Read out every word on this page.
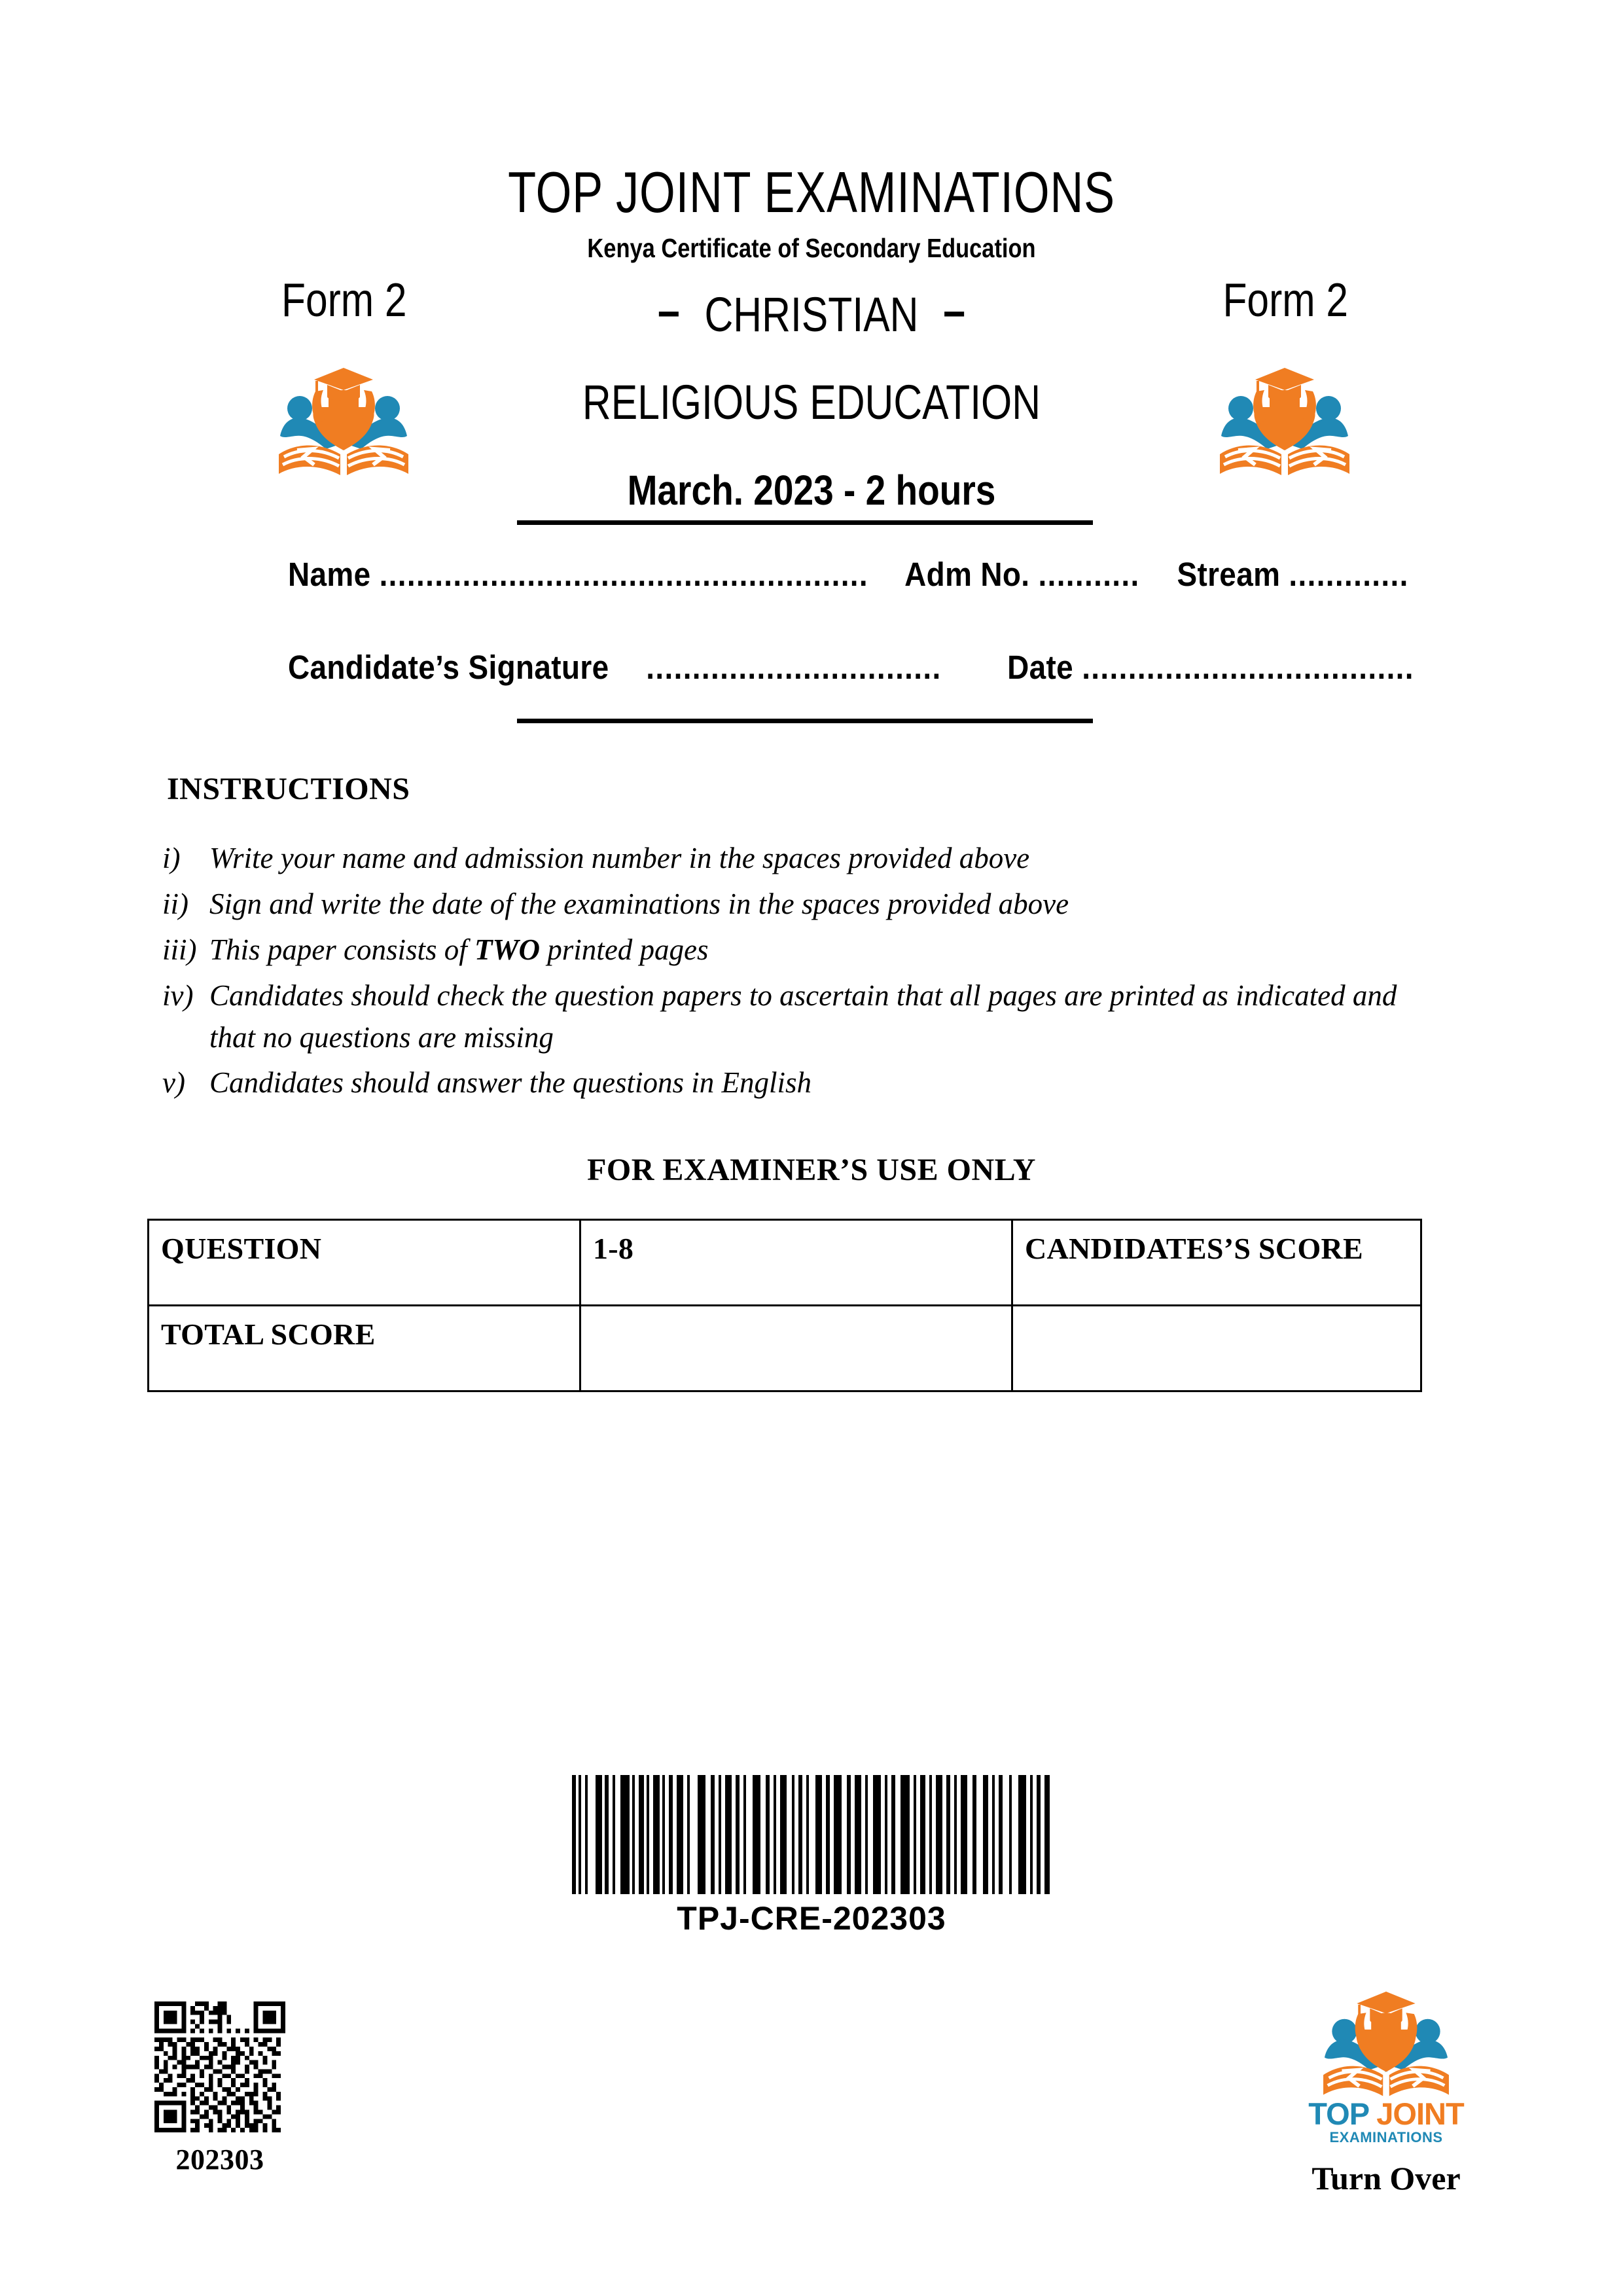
TOP JOINT EXAMINATIONS
Kenya Certificate of Secondary Education
Form 2	Form 2
– CHRISTIAN –
RELIGIOUS EDUCATION
March. 2023 - 2 hours
Name ..................................................... Adm No. ........... Stream .............
Candidate’s Signature ................................ Date ....................................
INSTRUCTIONS
i) Write your name and admission number in the spaces provided above
ii) Sign and write the date of the examinations in the spaces provided above
iii) This paper consists of TWO printed pages
iv) Candidates should check the question papers to ascertain that all pages are printed as indicated and that no questions are missing
v) Candidates should answer the questions in English
FOR EXAMINER’S USE ONLY
QUESTION	1-8	CANDIDATES’S SCORE
TOTAL SCORE		
TPJ-CRE-202303
202303
TOP JOINT
EXAMINATIONS
Turn Over
